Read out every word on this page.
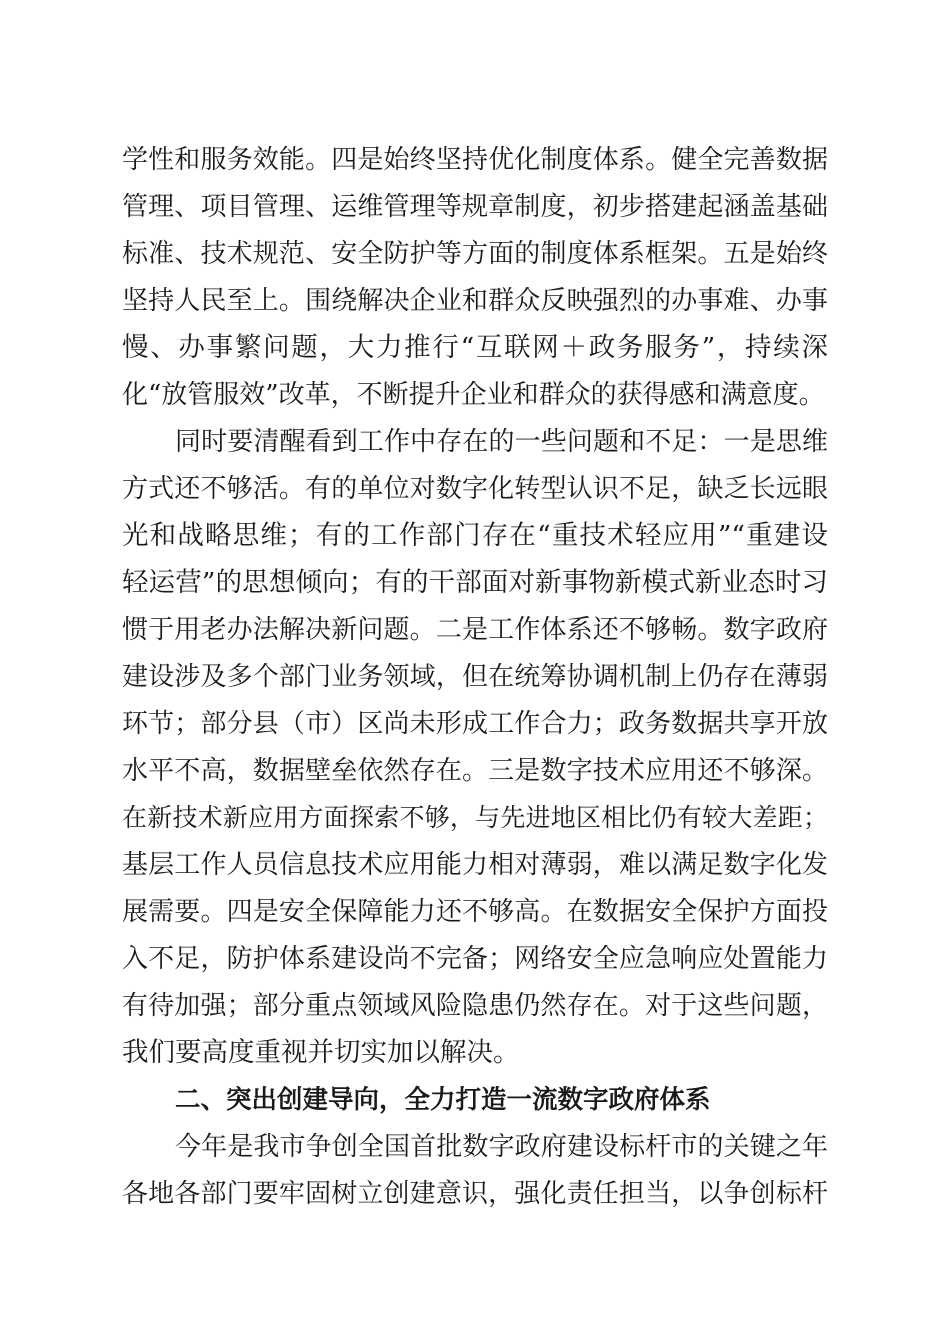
学性和服务效能。四是始终坚持优化制度体系。健全完善数据
管理、项目管理、运维管理等规章制度，初步搭建起涵盖基础
标准、技术规范、安全防护等方面的制度体系框架。五是始终
坚持人民至上。围绕解决企业和群众反映强烈的办事难、办事
慢、办事繁问题，大力推行“互联网＋政务服务”，持续深
化“放管服效”改革，不断提升企业和群众的获得感和满意度。
同时要清醒看到工作中存在的一些问题和不足：一是思维
方式还不够活。有的单位对数字化转型认识不足，缺乏长远眼
光和战略思维；有的工作部门存在“重技术轻应用”“重建设
轻运营”的思想倾向；有的干部面对新事物新模式新业态时习
惯于用老办法解决新问题。二是工作体系还不够畅。数字政府
建设涉及多个部门业务领域，但在统筹协调机制上仍存在薄弱
环节；部分县（市）区尚未形成工作合力；政务数据共享开放
水平不高，数据壁垒依然存在。三是数字技术应用还不够深。
在新技术新应用方面探索不够，与先进地区相比仍有较大差距；
基层工作人员信息技术应用能力相对薄弱，难以满足数字化发
展需要。四是安全保障能力还不够高。在数据安全保护方面投
入不足，防护体系建设尚不完备；网络安全应急响应处置能力
有待加强；部分重点领域风险隐患仍然存在。对于这些问题，
我们要高度重视并切实加以解决。
二、突出创建导向，全力打造一流数字政府体系
今年是我市争创全国首批数字政府建设标杆市的关键之年
各地各部门要牢固树立创建意识，强化责任担当，以争创标杆
